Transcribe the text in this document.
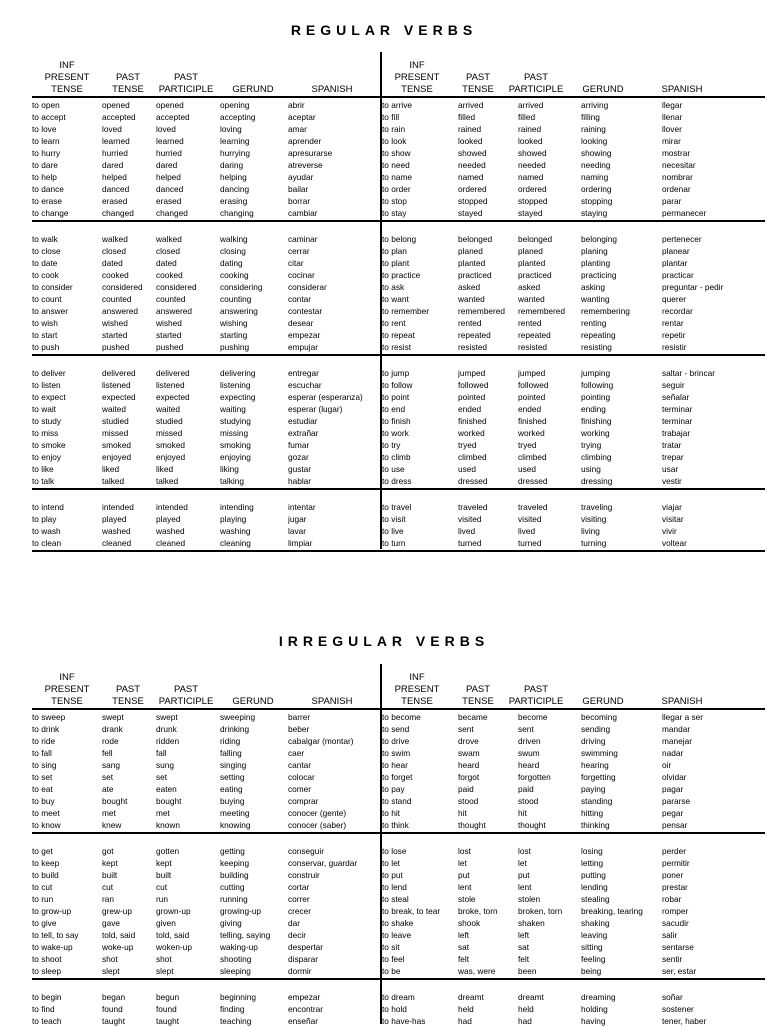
REGULAR VERBS
INF
PRESENT
TENSE
PAST
TENSE
PAST
PARTICIPLE	GERUND	SPANISH
INF
PRESENT
TENSE
PAST
TENSE
PAST
PARTICIPLE	GERUND	SPANISH
to open	opened	opened	opening	abrir	to arrive	arrived	arrived	arriving	llegar
to accept	accepted	accepted	accepting	aceptar	to fill	filled	filled	filling	llenar
to love	loved	loved	loving	amar	to rain	rained	rained	raining	llover
to learn	learned	learned	learning	aprender	to look	looked	looked	looking	mirar
to hurry	hurried	hurried	hurrying	apresurarse	to show	showed	showed	showing	mostrar
to dare	dared	dared	daring	atreverse	to need	needed	needed	needing	necesitar
to help	helped	helped	helping	ayudar	to name	named	named	naming	nombrar
to dance	danced	danced	dancing	bailar	to order	ordered	ordered	ordering	ordenar
to erase	erased	erased	erasing	borrar	to stop	stopped	stopped	stopping	parar
to change	changed	changed	changing	cambiar	to stay	stayed	stayed	staying	permanecer
to walk	walked	walked	walking	caminar	to belong	belonged	belonged	belonging	pertenecer
to close	closed	closed	closing	cerrar	to plan	planed	planed	planing	planear
to date	dated	dated	dating	citar	to plant	planted	planted	planting	plantar
to cook	cooked	cooked	cooking	cocinar	to practice	practiced	practiced	practicing	practicar
to consider	considered	considered	considering	considerar	to ask	asked	asked	asking	preguntar - pedir
to count	counted	counted	counting	contar	to want	wanted	wanted	wanting	querer
to answer	answered	answered	answering	contestar	to remember	remembered	remembered	remembering	recordar
to wish	wished	wished	wishing	desear	to rent	rented	rented	renting	rentar
to start	started	started	starting	empezar	to repeat	repeated	repeated	repeating	repetir
to push	pushed	pushed	pushing	empujar	to resist	resisted	resisted	resisting	resistir
to deliver	delivered	delivered	delivering	entregar	to jump	jumped	jumped	jumping	saltar - brincar
to listen	listened	listened	listening	escuchar	to follow	followed	followed	following	seguir
to expect	expected	expected	expecting	esperar (esperanza)	to point	pointed	pointed	pointing	señalar
to wait	waited	waited	waiting	esperar (lugar)	to end	ended	ended	ending	terminar
to study	studied	studied	studying	estudiar	to finish	finished	finished	finishing	terminar
to miss	missed	missed	missing	extrañar	to work	worked	worked	working	trabajar
to smoke	smoked	smoked	smoking	fumar	to try	tryed	tryed	trying	tratar
to enjoy	enjoyed	enjoyed	enjoying	gozar	to climb	climbed	climbed	climbing	trepar
to like	liked	liked	liking	gustar	to use	used	used	using	usar
to talk	talked	talked	talking	hablar	to dress	dressed	dressed	dressing	vestir
to intend	intended	intended	intending	intentar	to travel	traveled	traveled	traveling	viajar
to play	played	played	playing	jugar	to visit	visited	visited	visiting	visitar
to wash	washed	washed	washing	lavar	to live	lived	lived	living	vivir
to clean	cleaned	cleaned	cleaning	limpiar	to turn	turned	turned	turning	voltear
IRREGULAR VERBS
INF
PRESENT
TENSE
PAST
TENSE
PAST
PARTICIPLE	GERUND	SPANISH
INF
PRESENT
TENSE
PAST
TENSE
PAST
PARTICIPLE	GERUND	SPANISH
to sweep	swept	swept	sweeping	barrer	to become	became	become	becoming	llegar a ser
to drink	drank	drunk	drinking	beber	to send	sent	sent	sending	mandar
to ride	rode	ridden	riding	cabalgar (montar)	to drive	drove	driven	driving	manejar
to fall	fell	fall	falling	caer	to swim	swam	swum	swimming	nadar
to sing	sang	sung	singing	cantar	to hear	heard	heard	hearing	oir
to set	set	set	setting	colocar	to forget	forgot	forgotten	forgetting	olvidar
to eat	ate	eaten	eating	comer	to pay	paid	paid	paying	pagar
to buy	bought	bought	buying	comprar	to stand	stood	stood	standing	pararse
to meet	met	met	meeting	conocer (gente)	to hit	hit	hit	hitting	pegar
to know	knew	known	knowing	conocer (saber)	to think	thought	thought	thinking	pensar
to get	got	gotten	getting	conseguir	to lose	lost	lost	losing	perder
to keep	kept	kept	keeping	conservar, guardar	to let	let	let	letting	permitir
to build	built	built	building	construir	to put	put	put	putting	poner
to cut	cut	cut	cutting	cortar	to lend	lent	lent	lending	prestar
to run	ran	run	running	correr	to steal	stole	stolen	stealing	robar
to grow-up	grew-up	grown-up	growing-up	crecer	to break, to tear	broke, torn	broken, torn	breaking, tearing	romper
to give	gave	given	giving	dar	to shake	shook	shaken	shaking	sacudir
to tell, to say	told, said	told, said	telling, saying	decir	to leave	left	left	leaving	salir
to wake-up	woke-up	woken-up	waking-up	despertar	to sit	sat	sat	sitting	sentarse
to shoot	shot	shot	shooting	disparar	to feel	felt	felt	feeling	sentir
to sleep	slept	slept	sleeping	dormir	to be	was, were	been	being	ser, estar
to begin	began	begun	beginning	empezar	to dream	dreamt	dreamt	dreaming	soñar
to find	found	found	finding	encontrar	to hold	held	held	holding	sostener
to teach	taught	taught	teaching	enseñar	to have-has	had	had	having	tener, haber
